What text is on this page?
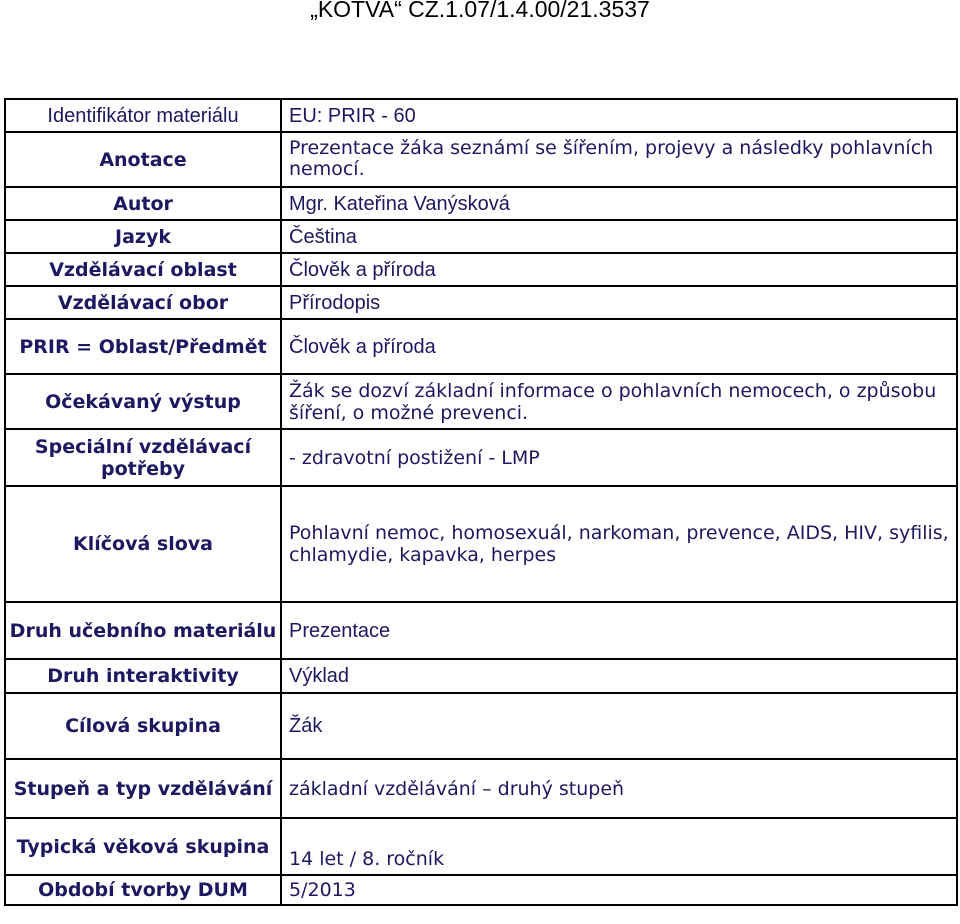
„KOTVA“ CZ.1.07/1.4.00/21.3537
Identifikátor materiálu	EU: PRIR - 60
Anotace	Prezentace žáka seznámí se šířením, projevy a následky pohlavních nemocí.
Autor	Mgr. Kateřina Vanýsková
Jazyk	Čeština
Vzdělávací oblast	Člověk a příroda
Vzdělávací obor	Přírodopis
PRIR = Oblast/Předmět	Člověk a příroda
Očekávaný výstup	Žák se dozví základní informace o pohlavních nemocech, o způsobu šíření, o možné prevenci.
Speciální vzdělávací potřeby	- zdravotní postižení - LMP
Klíčová slova	Pohlavní nemoc, homosexuál, narkoman, prevence, AIDS, HIV, syfilis, chlamydie, kapavka, herpes
Druh učebního materiálu	Prezentace
Druh interaktivity	Výklad
Cílová skupina	Žák
Stupeň a typ vzdělávání	základní vzdělávání – druhý stupeň
Typická věková skupina	14 let / 8. ročník
Období tvorby DUM	5/2013
